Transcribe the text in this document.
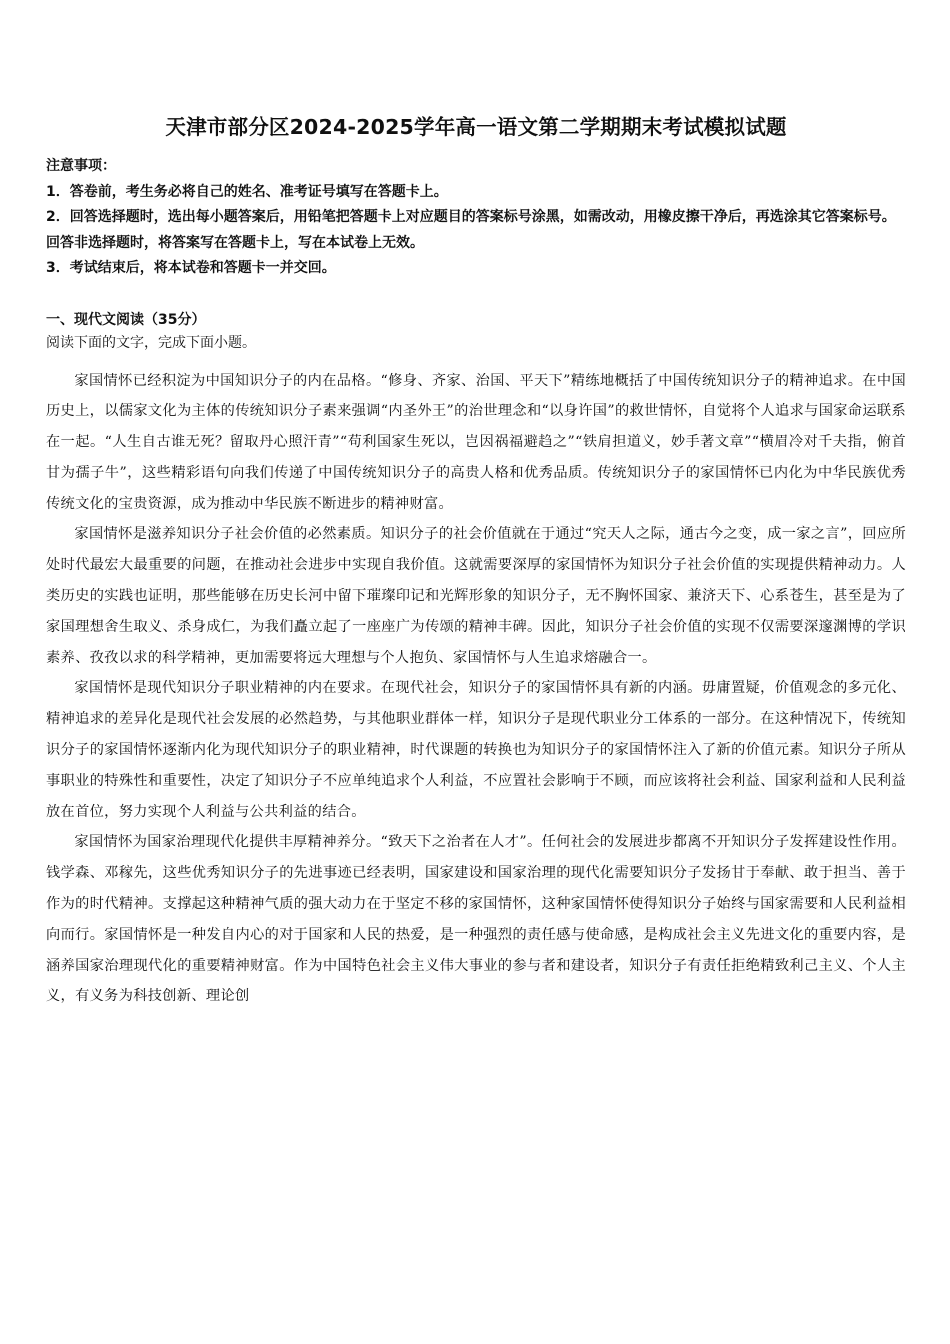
天津市部分区2024-2025学年高一语文第二学期期末考试模拟试题
注意事项：
1．答卷前，考生务必将自己的姓名、准考证号填写在答题卡上。
2．回答选择题时，选出每小题答案后，用铅笔把答题卡上对应题目的答案标号涂黑，如需改动，用橡皮擦干净后，再选涂其它答案标号。回答非选择题时，将答案写在答题卡上，写在本试卷上无效。
3．考试结束后，将本试卷和答题卡一并交回。
一、现代文阅读（35分）
阅读下面的文字，完成下面小题。

家国情怀已经积淀为中国知识分子的内在品格。“修身、齐家、治国、平天下”精练地概括了中国传统知识分子的精神追求。在中国历史上，以儒家文化为主体的传统知识分子素来强调“内圣外王”的治世理念和“以身许国”的救世情怀，自觉将个人追求与国家命运联系在一起。“人生自古谁无死？留取丹心照汗青”“苟利国家生死以，岂因祸福避趋之”“铁肩担道义，妙手著文章”“横眉冷对千夫指，俯首甘为孺子牛”，这些精彩语句向我们传递了中国传统知识分子的高贵人格和优秀品质。传统知识分子的家国情怀已内化为中华民族优秀传统文化的宝贵资源，成为推动中华民族不断进步的精神财富。

家国情怀是滋养知识分子社会价值的必然素质。知识分子的社会价值就在于通过“究天人之际，通古今之变，成一家之言”，回应所处时代最宏大最重要的问题，在推动社会进步中实现自我价值。这就需要深厚的家国情怀为知识分子社会价值的实现提供精神动力。人类历史的实践也证明，那些能够在历史长河中留下璀璨印记和光辉形象的知识分子，无不胸怀国家、兼济天下、心系苍生，甚至是为了家国理想舍生取义、杀身成仁，为我们矗立起了一座座广为传颂的精神丰碑。因此，知识分子社会价值的实现不仅需要深邃渊博的学识素养、孜孜以求的科学精神，更加需要将远大理想与个人抱负、家国情怀与人生追求熔融合一。

家国情怀是现代知识分子职业精神的内在要求。在现代社会，知识分子的家国情怀具有新的内涵。毋庸置疑，价值观念的多元化、精神追求的差异化是现代社会发展的必然趋势，与其他职业群体一样，知识分子是现代职业分工体系的一部分。在这种情况下，传统知识分子的家国情怀逐渐内化为现代知识分子的职业精神，时代课题的转换也为知识分子的家国情怀注入了新的价值元素。知识分子所从事职业的特殊性和重要性，决定了知识分子不应单纯追求个人利益，不应置社会影响于不顾，而应该将社会利益、国家利益和人民利益放在首位，努力实现个人利益与公共利益的结合。

家国情怀为国家治理现代化提供丰厚精神养分。“致天下之治者在人才”。任何社会的发展进步都离不开知识分子发挥建设性作用。钱学森、邓稼先，这些优秀知识分子的先进事迹已经表明，国家建设和国家治理的现代化需要知识分子发扬甘于奉献、敢于担当、善于作为的时代精神。支撑起这种精神气质的强大动力在于坚定不移的家国情怀，这种家国情怀使得知识分子始终与国家需要和人民利益相向而行。家国情怀是一种发自内心的对于国家和人民的热爱，是一种强烈的责任感与使命感，是构成社会主义先进文化的重要内容，是涵养国家治理现代化的重要精神财富。作为中国特色社会主义伟大事业的参与者和建设者，知识分子有责任拒绝精致利己主义、个人主义，有义务为科技创新、理论创
